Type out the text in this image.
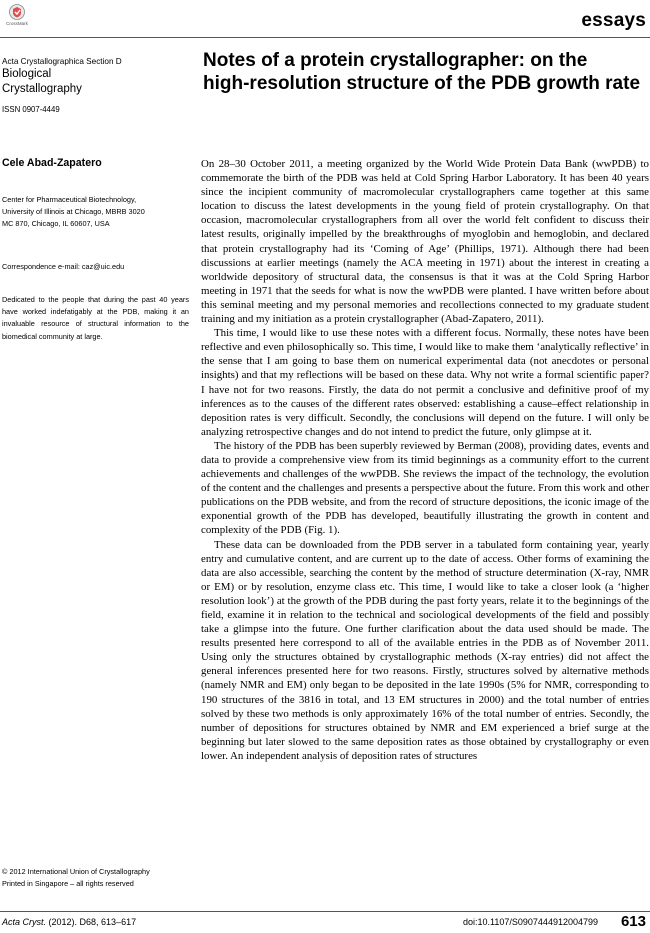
CrossMark	essays
Acta Crystallographica Section D
Biological
Crystallography
ISSN 0907-4449
Notes of a protein crystallographer: on the
high-resolution structure of the PDB growth rate
Cele Abad-Zapatero
Center for Pharmaceutical Biotechnology,
University of Illinois at Chicago, MBRB 3020
MC 870, Chicago, IL 60607, USA
Correspondence e-mail: caz@uic.edu
Dedicated to the people that during the past 40 years have worked indefatigably at the PDB, making it an invaluable resource of structural information to the biomedical community at large.
© 2012 International Union of Crystallography
Printed in Singapore – all rights reserved

On 28–30 October 2011, a meeting organized by the World Wide Protein Data Bank (wwPDB) to commemorate the birth of the PDB was held at Cold Spring Harbor Laboratory. It has been 40 years since the incipient community of macromolecular crystallographers came together at this same location to discuss the latest developments in the young field of protein crystallography. On that occasion, macromolecular crystallographers from all over the world felt confident to discuss their latest results, originally impelled by the breakthroughs of myoglobin and hemoglobin, and declared that protein crystallography had its ‘Coming of Age’ (Phillips, 1971). Although there had been discussions at earlier meetings (namely the ACA meeting in 1971) about the interest in creating a worldwide depository of structural data, the consensus is that it was at the Cold Spring Harbor meeting in 1971 that the seeds for what is now the wwPDB were planted. I have written before about this seminal meeting and my personal memories and recollections connected to my graduate student training and my initiation as a protein crystallographer (Abad-Zapatero, 2011).

This time, I would like to use these notes with a different focus. Normally, these notes have been reflective and even philosophically so. This time, I would like to make them ‘analytically reflective’ in the sense that I am going to base them on numerical experimental data (not anecdotes or personal insights) and that my reflections will be based on these data. Why not write a formal scientific paper? I have not for two reasons. Firstly, the data do not permit a conclusive and definitive proof of my inferences as to the causes of the different rates observed: establishing a cause–effect relationship in deposition rates is very difficult. Secondly, the conclusions will depend on the future. I will only be analyzing retrospective changes and do not intend to predict the future, only glimpse at it.

The history of the PDB has been superbly reviewed by Berman (2008), providing dates, events and data to provide a comprehensive view from its timid beginnings as a community effort to the current achievements and challenges of the wwPDB. She reviews the impact of the technology, the evolution of the content and the challenges and presents a perspective about the future. From this work and other publications on the PDB website, and from the record of structure depositions, the iconic image of the exponential growth of the PDB has developed, beautifully illustrating the growth in content and complexity of the PDB (Fig. 1).

These data can be downloaded from the PDB server in a tabulated form containing year, yearly entry and cumulative content, and are current up to the date of access. Other forms of examining the data are also accessible, searching the content by the method of structure determination (X-ray, NMR or EM) or by resolution, enzyme class etc. This time, I would like to take a closer look (a ‘higher resolution look’) at the growth of the PDB during the past forty years, relate it to the beginnings of the field, examine it in relation to the technical and sociological developments of the field and possibly take a glimpse into the future. One further clarification about the data used should be made. The results presented here correspond to all of the available entries in the PDB as of November 2011. Using only the structures obtained by crystallographic methods (X-ray entries) did not affect the general inferences presented here for two reasons. Firstly, structures solved by alternative methods (namely NMR and EM) only began to be deposited in the late 1990s (5% for NMR, corresponding to 190 structures of the 3816 in total, and 13 EM structures in 2000) and the total number of entries solved by these two methods is only approximately 16% of the total number of entries. Secondly, the number of depositions for structures obtained by NMR and EM experienced a brief surge at the beginning but later slowed to the same deposition rates as those obtained by crystallography or even lower. An independent analysis of deposition rates of structures

Acta Cryst. (2012). D68, 613–617	doi:10.1107/S0907444912004799 613
